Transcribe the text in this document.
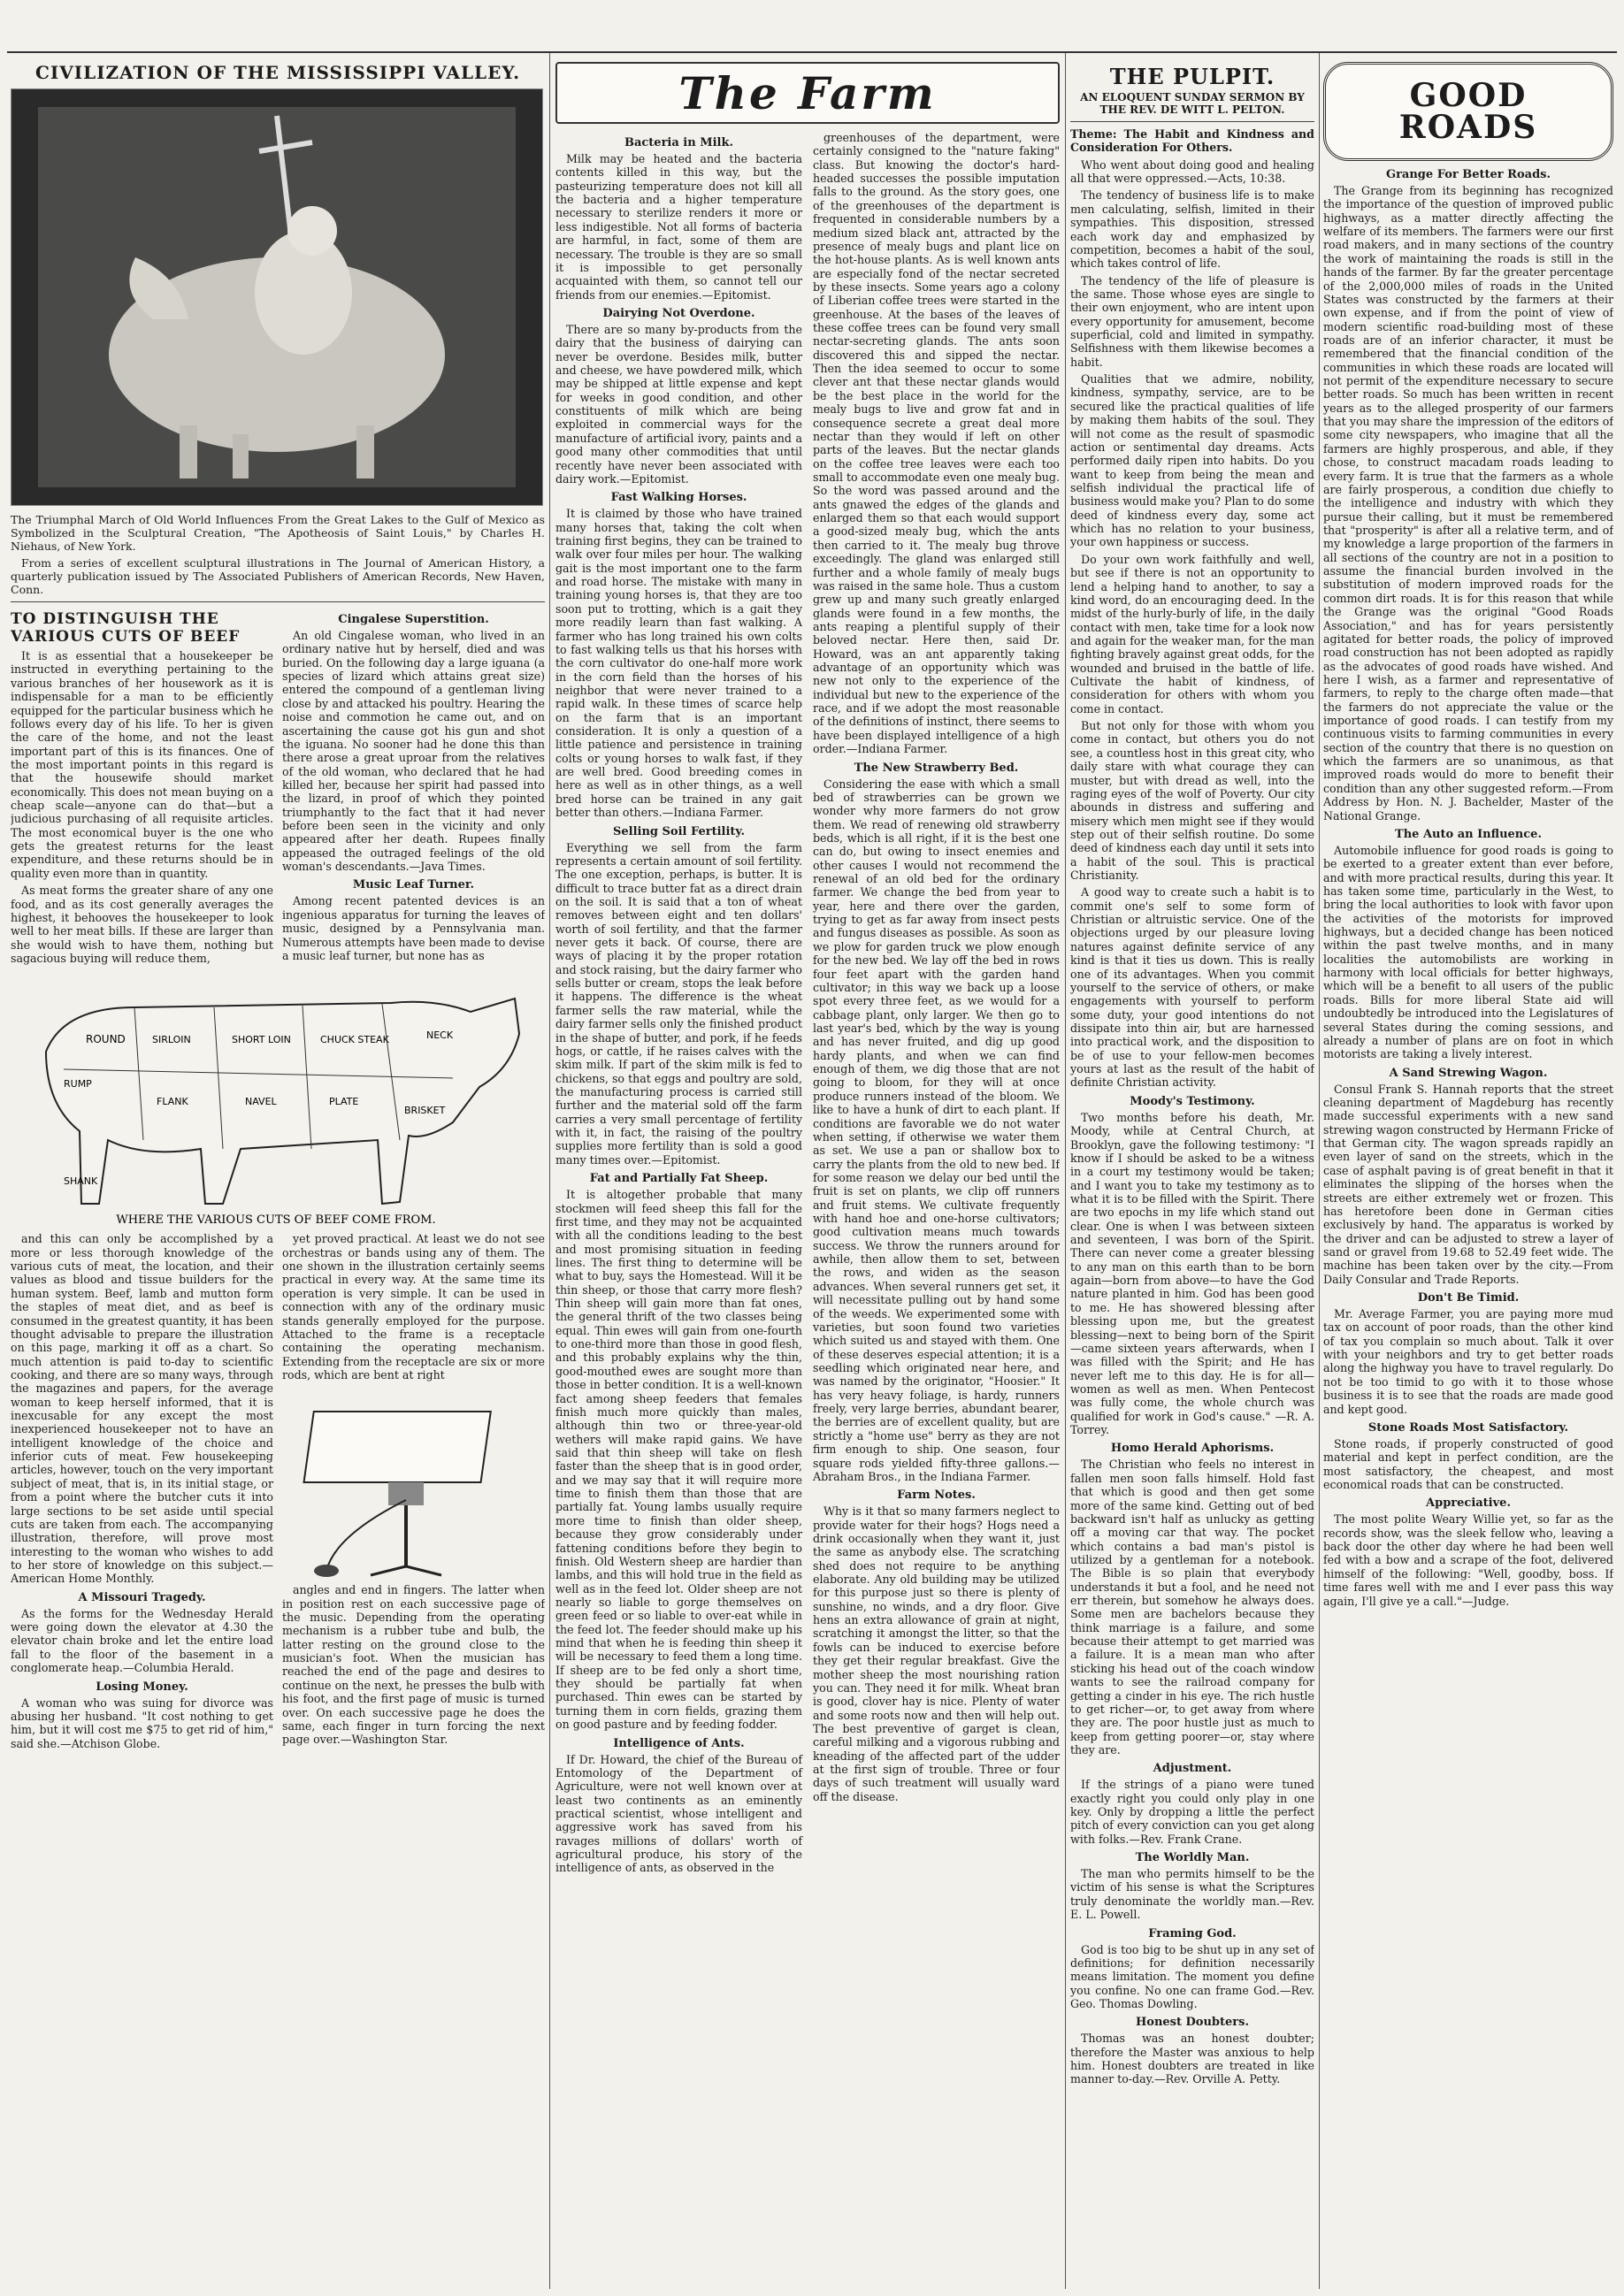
CIVILIZATION OF THE MISSISSIPPI VALLEY.

The Triumphal March of Old World Influences From the Great Lakes to the Gulf of Mexico as Symbolized in the Sculptural Creation, "The Apotheosis of Saint Louis," by Charles H. Niehaus, of New York.

From a series of excellent sculptural illustrations in The Journal of American History, a quarterly publication issued by The Associated Publishers of American Records, New Haven, Conn.

TO DISTINGUISH THE VARIOUS CUTS OF BEEF

It is as essential that a housekeeper be instructed in everything pertaining to the various branches of her housework as it is indispensable for a man to be efficiently equipped for the particular business which he follows every day of his life. To her is given the care of the home, and not the least important part of this is its finances. One of the most important points in this regard is that the housewife should market economically. This does not mean buying on a cheap scale—anyone can do that—but a judicious purchasing of all requisite articles. The most economical buyer is the one who gets the greatest returns for the least expenditure, and these returns should be in quality even more than in quantity.

As meat forms the greater share of any one food, and as its cost generally averages the highest, it behooves the housekeeper to look well to her meat bills. If these are larger than she would wish to have them, nothing but sagacious buying will reduce them,

Cingalese Superstition.

An old Cingalese woman, who lived in an ordinary native hut by herself, died and was buried. On the following day a large iguana (a species of lizard which attains great size) entered the compound of a gentleman living close by and attacked his poultry. Hearing the noise and commotion he came out, and on ascertaining the cause got his gun and shot the iguana. No sooner had he done this than there arose a great uproar from the relatives of the old woman, who declared that he had killed her, because her spirit had passed into the lizard, in proof of which they pointed triumphantly to the fact that it had never before been seen in the vicinity and only appeared after her death. Rupees finally appeased the outraged feelings of the old woman's descendants.—Java Times.

Music Leaf Turner.

Among recent patented devices is an ingenious apparatus for turning the leaves of music, designed by a Pennsylvania man. Numerous attempts have been made to devise a music leaf turner, but none has as

ROUND
RUMP
SIRLOIN	SHORT LOIN	CHUCK STEAK	NECK
FLANK	NAVEL	PLATE
BRISKET
SHANK
WHERE THE VARIOUS CUTS OF BEEF COME FROM.

and this can only be accomplished by a more or less thorough knowledge of the various cuts of meat, the location, and their values as blood and tissue builders for the human system. Beef, lamb and mutton form the staples of meat diet, and as beef is consumed in the greatest quantity, it has been thought advisable to prepare the illustration on this page, marking it off as a chart. So much attention is paid to-day to scientific cooking, and there are so many ways, through the magazines and papers, for the average woman to keep herself informed, that it is inexcusable for any except the most inexperienced housekeeper not to have an intelligent knowledge of the choice and inferior cuts of meat. Few housekeeping articles, however, touch on the very important subject of meat, that is, in its initial stage, or from a point where the butcher cuts it into large sections to be set aside until special cuts are taken from each. The accompanying illustration, therefore, will prove most interesting to the woman who wishes to add to her store of knowledge on this subject.—American Home Monthly.

A Missouri Tragedy.

As the forms for the Wednesday Herald were going down the elevator at 4.30 the elevator chain broke and let the entire load fall to the floor of the basement in a conglomerate heap.—Columbia Herald.

Losing Money.

A woman who was suing for divorce was abusing her husband. "It cost nothing to get him, but it will cost me $75 to get rid of him," said she.—Atchison Globe.

yet proved practical. At least we do not see orchestras or bands using any of them. The one shown in the illustration certainly seems practical in every way. At the same time its operation is very simple. It can be used in connection with any of the ordinary music stands generally employed for the purpose. Attached to the frame is a receptacle containing the operating mechanism. Extending from the receptacle are six or more rods, which are bent at right

angles and end in fingers. The latter when in position rest on each successive page of the music. Depending from the operating mechanism is a rubber tube and bulb, the latter resting on the ground close to the musician's foot. When the musician has reached the end of the page and desires to continue on the next, he presses the bulb with his foot, and the first page of music is turned over. On each successive page he does the same, each finger in turn forcing the next page over.—Washington Star.

The Farm
Bacteria in Milk.

Milk may be heated and the bacteria contents killed in this way, but the pasteurizing temperature does not kill all the bacteria and a higher temperature necessary to sterilize renders it more or less indigestible. Not all forms of bacteria are harmful, in fact, some of them are necessary. The trouble is they are so small it is impossible to get personally acquainted with them, so cannot tell our friends from our enemies.—Epitomist.

Dairying Not Overdone.

There are so many by-products from the dairy that the business of dairying can never be overdone. Besides milk, butter and cheese, we have powdered milk, which may be shipped at little expense and kept for weeks in good condition, and other constituents of milk which are being exploited in commercial ways for the manufacture of artificial ivory, paints and a good many other commodities that until recently have never been associated with dairy work.—Epitomist.

Fast Walking Horses.

It is claimed by those who have trained many horses that, taking the colt when training first begins, they can be trained to walk over four miles per hour. The walking gait is the most important one to the farm and road horse. The mistake with many in training young horses is, that they are too soon put to trotting, which is a gait they more readily learn than fast walking. A farmer who has long trained his own colts to fast walking tells us that his horses with the corn cultivator do one-half more work in the corn field than the horses of his neighbor that were never trained to a rapid walk. In these times of scarce help on the farm that is an important consideration. It is only a question of a little patience and persistence in training colts or young horses to walk fast, if they are well bred. Good breeding comes in here as well as in other things, as a well bred horse can be trained in any gait better than others.—Indiana Farmer.

Selling Soil Fertility.

Everything we sell from the farm represents a certain amount of soil fertility. The one exception, perhaps, is butter. It is difficult to trace butter fat as a direct drain on the soil. It is said that a ton of wheat removes between eight and ten dollars' worth of soil fertility, and that the farmer never gets it back. Of course, there are ways of placing it by the proper rotation and stock raising, but the dairy farmer who sells butter or cream, stops the leak before it happens. The difference is the wheat farmer sells the raw material, while the dairy farmer sells only the finished product in the shape of butter, and pork, if he feeds hogs, or cattle, if he raises calves with the skim milk. If part of the skim milk is fed to chickens, so that eggs and poultry are sold, the manufacturing process is carried still further and the material sold off the farm carries a very small percentage of fertility with it, in fact, the raising of the poultry supplies more fertility than is sold a good many times over.—Epitomist.

Fat and Partially Fat Sheep.

It is altogether probable that many stockmen will feed sheep this fall for the first time, and they may not be acquainted with all the conditions leading to the best and most promising situation in feeding lines. The first thing to determine will be what to buy, says the Homestead. Will it be thin sheep, or those that carry more flesh? Thin sheep will gain more than fat ones, the general thrift of the two classes being equal. Thin ewes will gain from one-fourth to one-third more than those in good flesh, and this probably explains why the thin, good-mouthed ewes are sought more than those in better condition. It is a well-known fact among sheep feeders that females finish much more quickly than males, although thin two or three-year-old wethers will make rapid gains. We have said that thin sheep will take on flesh faster than the sheep that is in good order, and we may say that it will require more time to finish them than those that are partially fat. Young lambs usually require more time to finish than older sheep, because they grow considerably under fattening conditions before they begin to finish. Old Western sheep are hardier than lambs, and this will hold true in the field as well as in the feed lot. Older sheep are not nearly so liable to gorge themselves on green feed or so liable to over-eat while in the feed lot. The feeder should make up his mind that when he is feeding thin sheep it will be necessary to feed them a long time. If sheep are to be fed only a short time, they should be partially fat when purchased. Thin ewes can be started by turning them in corn fields, grazing them on good pasture and by feeding fodder.

Intelligence of Ants.

If Dr. Howard, the chief of the Bureau of Entomology of the Department of Agriculture, were not well known over at least two continents as an eminently practical scientist, whose intelligent and aggressive work has saved from his ravages millions of dollars' worth of agricultural produce, his story of the intelligence of ants, as observed in the

greenhouses of the department, were certainly consigned to the "nature faking" class. But knowing the doctor's hard-headed successes the possible imputation falls to the ground. As the story goes, one of the greenhouses of the department is frequented in considerable numbers by a medium sized black ant, attracted by the presence of mealy bugs and plant lice on the hot-house plants. As is well known ants are especially fond of the nectar secreted by these insects. Some years ago a colony of Liberian coffee trees were started in the greenhouse. At the bases of the leaves of these coffee trees can be found very small nectar-secreting glands. The ants soon discovered this and sipped the nectar. Then the idea seemed to occur to some clever ant that these nectar glands would be the best place in the world for the mealy bugs to live and grow fat and in consequence secrete a great deal more nectar than they would if left on other parts of the leaves. But the nectar glands on the coffee tree leaves were each too small to accommodate even one mealy bug. So the word was passed around and the ants gnawed the edges of the glands and enlarged them so that each would support a good-sized mealy bug, which the ants then carried to it. The mealy bug throve exceedingly. The gland was enlarged still further and a whole family of mealy bugs was raised in the same hole. Thus a custom grew up and many such greatly enlarged glands were found in a few months, the ants reaping a plentiful supply of their beloved nectar. Here then, said Dr. Howard, was an ant apparently taking advantage of an opportunity which was new not only to the experience of the individual but new to the experience of the race, and if we adopt the most reasonable of the definitions of instinct, there seems to have been displayed intelligence of a high order.—Indiana Farmer.

The New Strawberry Bed.

Considering the ease with which a small bed of strawberries can be grown we wonder why more farmers do not grow them. We read of renewing old strawberry beds, which is all right, if it is the best one can do, but owing to insect enemies and other causes I would not recommend the renewal of an old bed for the ordinary farmer. We change the bed from year to year, here and there over the garden, trying to get as far away from insect pests and fungus diseases as possible. As soon as we plow for garden truck we plow enough for the new bed. We lay off the bed in rows four feet apart with the garden hand cultivator; in this way we back up a loose spot every three feet, as we would for a cabbage plant, only larger. We then go to last year's bed, which by the way is young and has never fruited, and dig up good hardy plants, and when we can find enough of them, we dig those that are not going to bloom, for they will at once produce runners instead of the bloom. We like to have a hunk of dirt to each plant. If conditions are favorable we do not water when setting, if otherwise we water them as set. We use a pan or shallow box to carry the plants from the old to new bed. If for some reason we delay our bed until the fruit is set on plants, we clip off runners and fruit stems. We cultivate frequently with hand hoe and one-horse cultivators; good cultivation means much towards success. We throw the runners around for awhile, then allow them to set, between the rows, and widen as the season advances. When several runners get set, it will necessitate pulling out by hand some of the weeds. We experimented some with varieties, but soon found two varieties which suited us and stayed with them. One of these deserves especial attention; it is a seedling which originated near here, and was named by the originator, "Hoosier." It has very heavy foliage, is hardy, runners freely, very large berries, abundant bearer, the berries are of excellent quality, but are strictly a "home use" berry as they are not firm enough to ship. One season, four square rods yielded fifty-three gallons.—Abraham Bros., in the Indiana Farmer.

Farm Notes.

Why is it that so many farmers neglect to provide water for their hogs? Hogs need a drink occasionally when they want it, just the same as anybody else. The scratching shed does not require to be anything elaborate. Any old building may be utilized for this purpose just so there is plenty of sunshine, no winds, and a dry floor. Give hens an extra allowance of grain at night, scratching it amongst the litter, so that the fowls can be induced to exercise before they get their regular breakfast. Give the mother sheep the most nourishing ration you can. They need it for milk. Wheat bran is good, clover hay is nice. Plenty of water and some roots now and then will help out. The best preventive of garget is clean, careful milking and a vigorous rubbing and kneading of the affected part of the udder at the first sign of trouble. Three or four days of such treatment will usually ward off the disease.

THE PULPIT.
AN ELOQUENT SUNDAY SERMON BY THE REV. DE WITT L. PELTON.

Theme: The Habit and Kindness and Consideration For Others.

Who went about doing good and healing all that were oppressed.—Acts, 10:38.

The tendency of business life is to make men calculating, selfish, limited in their sympathies. This disposition, stressed each work day and emphasized by competition, becomes a habit of the soul, which takes control of life.

The tendency of the life of pleasure is the same. Those whose eyes are single to their own enjoyment, who are intent upon every opportunity for amusement, become superficial, cold and limited in sympathy. Selfishness with them likewise becomes a habit.

Qualities that we admire, nobility, kindness, sympathy, service, are to be secured like the practical qualities of life by making them habits of the soul. They will not come as the result of spasmodic action or sentimental day dreams. Acts performed daily ripen into habits. Do you want to keep from being the mean and selfish individual the practical life of business would make you? Plan to do some deed of kindness every day, some act which has no relation to your business, your own happiness or success.

Do your own work faithfully and well, but see if there is not an opportunity to lend a helping hand to another, to say a kind word, do an encouraging deed. In the midst of the hurly-burly of life, in the daily contact with men, take time for a look now and again for the weaker man, for the man fighting bravely against great odds, for the wounded and bruised in the battle of life. Cultivate the habit of kindness, of consideration for others with whom you come in contact.

But not only for those with whom you come in contact, but others you do not see, a countless host in this great city, who daily stare with what courage they can muster, but with dread as well, into the raging eyes of the wolf of Poverty. Our city abounds in distress and suffering and misery which men might see if they would step out of their selfish routine. Do some deed of kindness each day until it sets into a habit of the soul. This is practical Christianity.

A good way to create such a habit is to commit one's self to some form of Christian or altruistic service. One of the objections urged by our pleasure loving natures against definite service of any kind is that it ties us down. This is really one of its advantages. When you commit yourself to the service of others, or make engagements with yourself to perform some duty, your good intentions do not dissipate into thin air, but are harnessed into practical work, and the disposition to be of use to your fellow-men becomes yours at last as the result of the habit of definite Christian activity.

Moody's Testimony.

Two months before his death, Mr. Moody, while at Central Church, at Brooklyn, gave the following testimony: "I know if I should be asked to be a witness in a court my testimony would be taken; and I want you to take my testimony as to what it is to be filled with the Spirit. There are two epochs in my life which stand out clear. One is when I was between sixteen and seventeen, I was born of the Spirit. There can never come a greater blessing to any man on this earth than to be born again—born from above—to have the God nature planted in him. God has been good to me. He has showered blessing after blessing upon me, but the greatest blessing—next to being born of the Spirit—came sixteen years afterwards, when I was filled with the Spirit; and He has never left me to this day. He is for all—women as well as men. When Pentecost was fully come, the whole church was qualified for work in God's cause." —R. A. Torrey.

Homo Herald Aphorisms.

The Christian who feels no interest in fallen men soon falls himself. Hold fast that which is good and then get some more of the same kind. Getting out of bed backward isn't half as unlucky as getting off a moving car that way. The pocket which contains a bad man's pistol is utilized by a gentleman for a notebook. The Bible is so plain that everybody understands it but a fool, and he need not err therein, but somehow he always does. Some men are bachelors because they think marriage is a failure, and some because their attempt to get married was a failure. It is a mean man who after sticking his head out of the coach window wants to see the railroad company for getting a cinder in his eye. The rich hustle to get richer—or, to get away from where they are. The poor hustle just as much to keep from getting poorer—or, stay where they are.

Adjustment.

If the strings of a piano were tuned exactly right you could only play in one key. Only by dropping a little the perfect pitch of every conviction can you get along with folks.—Rev. Frank Crane.

The Worldly Man.

The man who permits himself to be the victim of his sense is what the Scriptures truly denominate the worldly man.—Rev. E. L. Powell.

Framing God.

God is too big to be shut up in any set of definitions; for definition necessarily means limitation. The moment you define you confine. No one can frame God.—Rev. Geo. Thomas Dowling.

Honest Doubters.

Thomas was an honest doubter; therefore the Master was anxious to help him. Honest doubters are treated in like manner to-day.—Rev. Orville A. Petty.

GOOD
ROADS
Grange For Better Roads.

The Grange from its beginning has recognized the importance of the question of improved public highways, as a matter directly affecting the welfare of its members. The farmers were our first road makers, and in many sections of the country the work of maintaining the roads is still in the hands of the farmer. By far the greater percentage of the 2,000,000 miles of roads in the United States was constructed by the farmers at their own expense, and if from the point of view of modern scientific road-building most of these roads are of an inferior character, it must be remembered that the financial condition of the communities in which these roads are located will not permit of the expenditure necessary to secure better roads. So much has been written in recent years as to the alleged prosperity of our farmers that you may share the impression of the editors of some city newspapers, who imagine that all the farmers are highly prosperous, and able, if they chose, to construct macadam roads leading to every farm. It is true that the farmers as a whole are fairly prosperous, a condition due chiefly to the intelligence and industry with which they pursue their calling, but it must be remembered that "prosperity" is after all a relative term, and of my knowledge a large proportion of the farmers in all sections of the country are not in a position to assume the financial burden involved in the substitution of modern improved roads for the common dirt roads. It is for this reason that while the Grange was the original "Good Roads Association," and has for years persistently agitated for better roads, the policy of improved road construction has not been adopted as rapidly as the advocates of good roads have wished. And here I wish, as a farmer and representative of farmers, to reply to the charge often made—that the farmers do not appreciate the value or the importance of good roads. I can testify from my continuous visits to farming communities in every section of the country that there is no question on which the farmers are so unanimous, as that improved roads would do more to benefit their condition than any other suggested reform.—From Address by Hon. N. J. Bachelder, Master of the National Grange.

The Auto an Influence.

Automobile influence for good roads is going to be exerted to a greater extent than ever before, and with more practical results, during this year. It has taken some time, particularly in the West, to bring the local authorities to look with favor upon the activities of the motorists for improved highways, but a decided change has been noticed within the past twelve months, and in many localities the automobilists are working in harmony with local officials for better highways, which will be a benefit to all users of the public roads. Bills for more liberal State aid will undoubtedly be introduced into the Legislatures of several States during the coming sessions, and already a number of plans are on foot in which motorists are taking a lively interest.

A Sand Strewing Wagon.

Consul Frank S. Hannah reports that the street cleaning department of Magdeburg has recently made successful experiments with a new sand strewing wagon constructed by Hermann Fricke of that German city. The wagon spreads rapidly an even layer of sand on the streets, which in the case of asphalt paving is of great benefit in that it eliminates the slipping of the horses when the streets are either extremely wet or frozen. This has heretofore been done in German cities exclusively by hand. The apparatus is worked by the driver and can be adjusted to strew a layer of sand or gravel from 19.68 to 52.49 feet wide. The machine has been taken over by the city.—From Daily Consular and Trade Reports.

Don't Be Timid.

Mr. Average Farmer, you are paying more mud tax on account of poor roads, than the other kind of tax you complain so much about. Talk it over with your neighbors and try to get better roads along the highway you have to travel regularly. Do not be too timid to go with it to those whose business it is to see that the roads are made good and kept good.

Stone Roads Most Satisfactory.

Stone roads, if properly constructed of good material and kept in perfect condition, are the most satisfactory, the cheapest, and most economical roads that can be constructed.

Appreciative.

The most polite Weary Willie yet, so far as the records show, was the sleek fellow who, leaving a back door the other day where he had been well fed with a bow and a scrape of the foot, delivered himself of the following: "Well, goodby, boss. If time fares well with me and I ever pass this way again, I'll give ye a call."—Judge.
